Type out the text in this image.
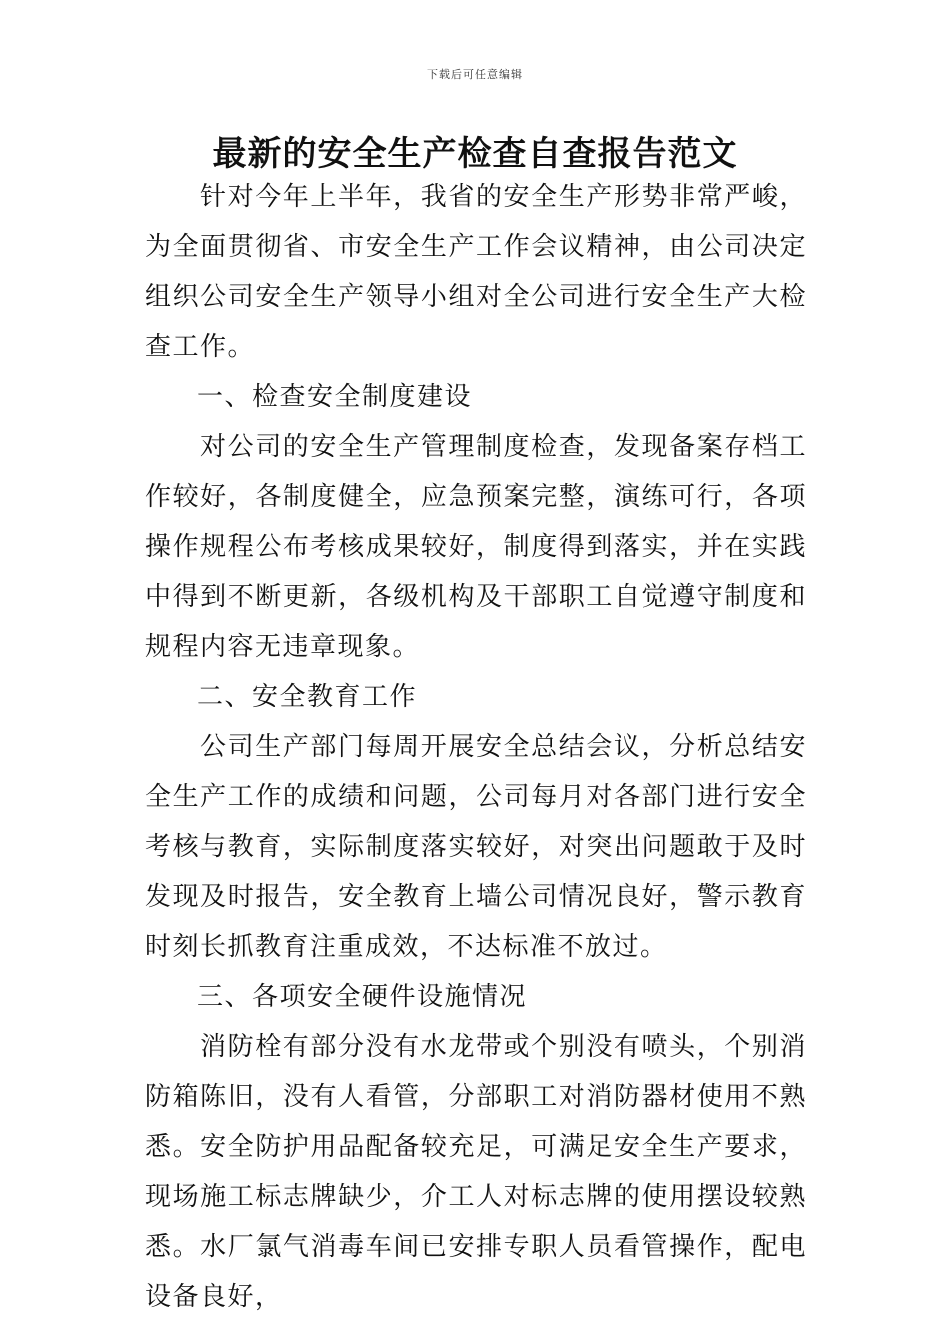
下载后可任意编辑
最新的安全生产检查自查报告范文

针对今年上半年，我省的安全生产形势非常严峻，为全面贯彻省、市安全生产工作会议精神，由公司决定组织公司安全生产领导小组对全公司进行安全生产大检查工作。

一、检查安全制度建设

对公司的安全生产管理制度检查，发现备案存档工作较好，各制度健全，应急预案完整，演练可行，各项操作规程公布考核成果较好，制度得到落实，并在实践中得到不断更新，各级机构及干部职工自觉遵守制度和规程内容无违章现象。

二、安全教育工作

公司生产部门每周开展安全总结会议，分析总结安全生产工作的成绩和问题，公司每月对各部门进行安全考核与教育，实际制度落实较好，对突出问题敢于及时发现及时报告，安全教育上墙公司情况良好，警示教育时刻长抓教育注重成效，不达标准不放过。

三、各项安全硬件设施情况

消防栓有部分没有水龙带或个别没有喷头，个别消防箱陈旧，没有人看管，分部职工对消防器材使用不熟悉。安全防护用品配备较充足，可满足安全生产要求，现场施工标志牌缺少，介工人对标志牌的使用摆设较熟悉。水厂氯气消毒车间已安排专职人员看管操作，配电设备良好，
